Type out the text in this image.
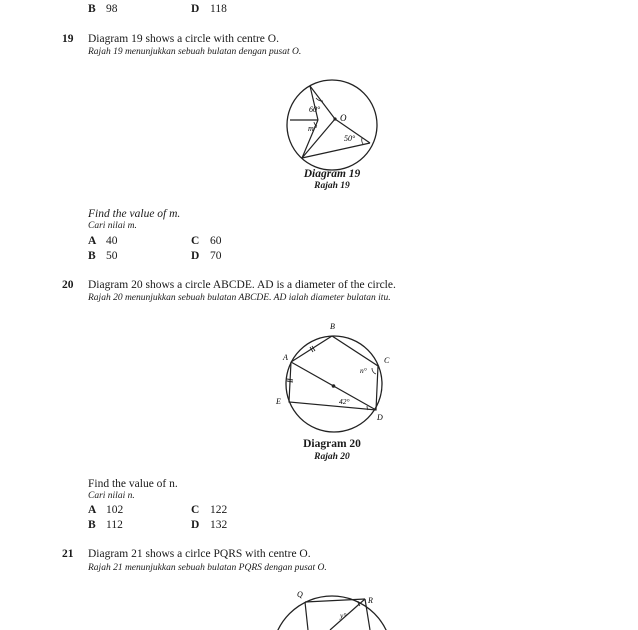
B 98	D 118
19 Diagram 19 shows a circle with centre O.
Rajah 19 menunjukkan sebuah bulatan dengan pusat O.
60°
O
m°
50°
Diagram 19
Rajah 19
Find the value of m.
Cari nilai m.
A 40	C 60
B 50	D 70
20 Diagram 20 shows a circle ABCDE. AD is a diameter of the circle.
Rajah 20 menunjukkan sebuah bulatan ABCDE. AD ialah diameter bulatan itu.
B
A	C
E
D
n°
42°
Diagram 20
Rajah 20
Find the value of n.
Cari nilai n.
A 102	C 122
B 112	D 132
21 Diagram 21 shows a cirlce PQRS with centre O.
Rajah 21 menunjukkan sebuah bulatan PQRS dengan pusat O.
Q
R
y°
